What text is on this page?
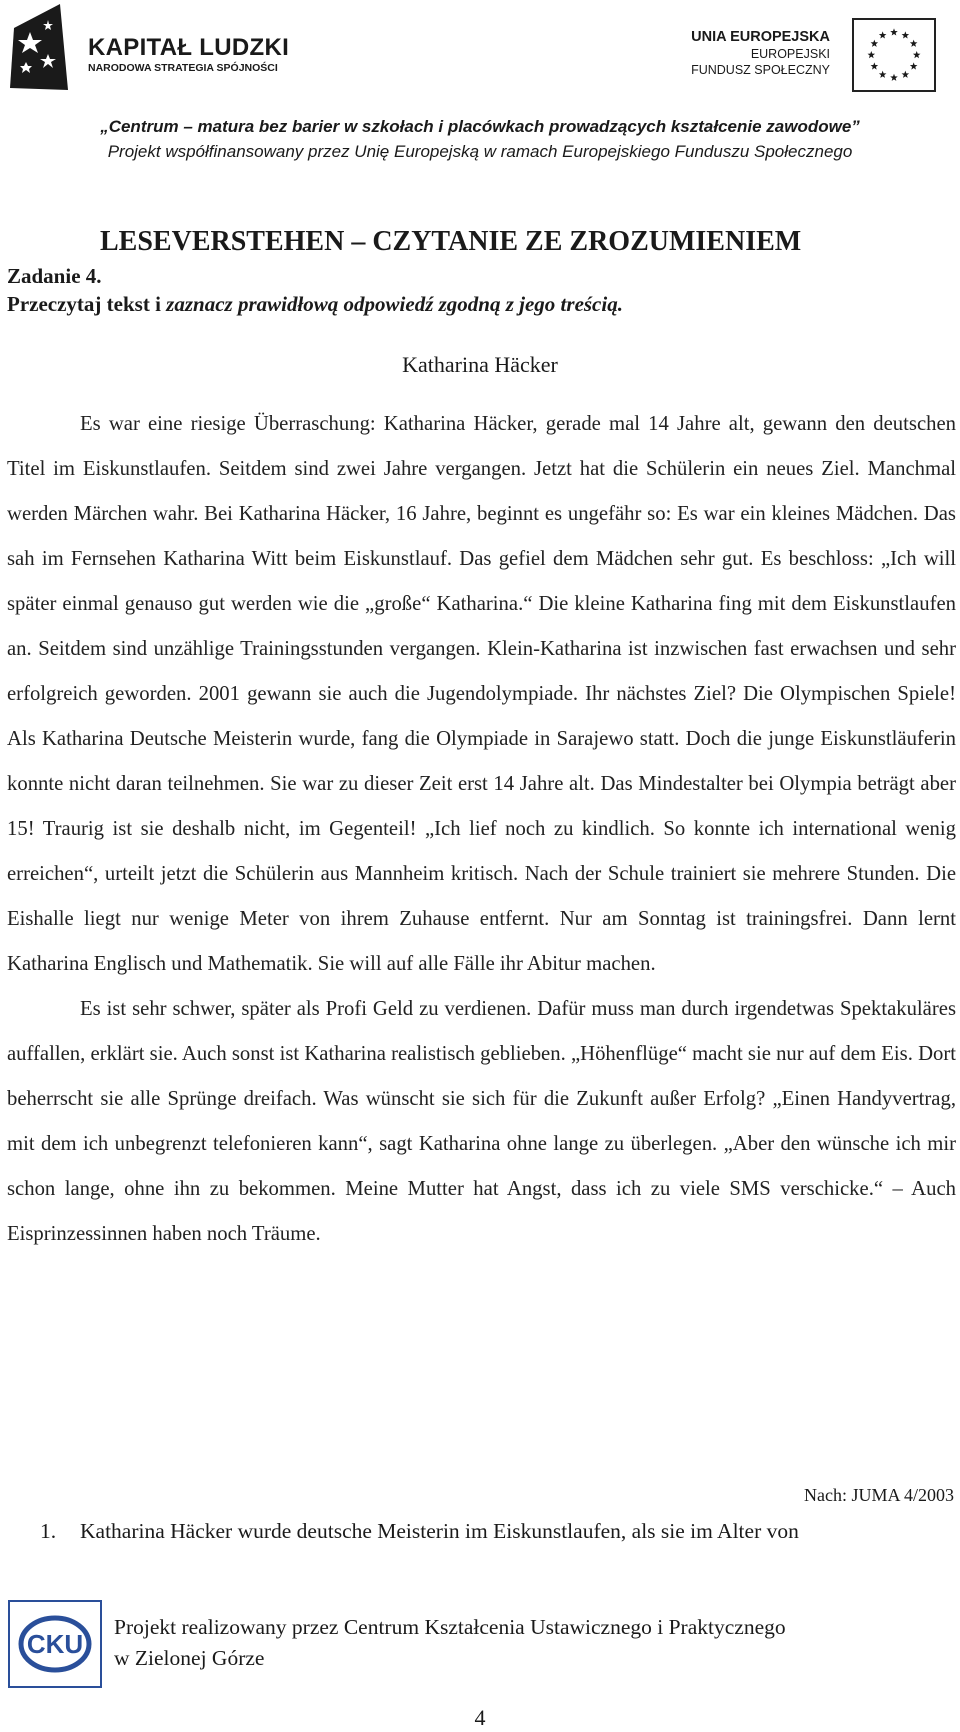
KAPITAŁ LUDZKI
NARODOWA STRATEGIA SPÓJNOŚCI
UNIA EUROPEJSKA
EUROPEJSKI
FUNDUSZ SPOŁECZNY
„Centrum – matura bez barier w szkołach i placówkach prowadzących kształcenie zawodowe”
Projekt współfinansowany przez Unię Europejską w ramach Europejskiego Funduszu Społecznego
LESEVERSTEHEN – CZYTANIE ZE ZROZUMIENIEM
Zadanie 4.
Przeczytaj tekst i zaznacz prawidłową odpowiedź zgodną z jego treścią.
Katharina Häcker

Es war eine riesige Überraschung: Katharina Häcker, gerade mal 14 Jahre alt, gewann den deutschen Titel im Eiskunstlaufen. Seitdem sind zwei Jahre vergangen. Jetzt hat die Schülerin ein neues Ziel. Manchmal werden Märchen wahr. Bei Katharina Häcker, 16 Jahre, beginnt es ungefähr so: Es war ein kleines Mädchen. Das sah im Fernsehen Katharina Witt beim Eiskunstlauf. Das gefiel dem Mädchen sehr gut. Es beschloss: „Ich will später einmal genauso gut werden wie die „große“ Katharina.“ Die kleine Katharina fing mit dem Eiskunstlaufen an. Seitdem sind unzählige Trainingsstunden vergangen. Klein-Katharina ist inzwischen fast erwachsen und sehr erfolgreich geworden. 2001 gewann sie auch die Jugendolympiade. Ihr nächstes Ziel? Die Olympischen Spiele! Als Katharina Deutsche Meisterin wurde, fang die Olympiade in Sarajewo statt. Doch die junge Eiskunstläuferin konnte nicht daran teilnehmen. Sie war zu dieser Zeit erst 14 Jahre alt. Das Mindestalter bei Olympia beträgt aber 15! Traurig ist sie deshalb nicht, im Gegenteil! „Ich lief noch zu kindlich. So konnte ich international wenig erreichen“, urteilt jetzt die Schülerin aus Mannheim kritisch. Nach der Schule trainiert sie mehrere Stunden. Die Eishalle liegt nur wenige Meter von ihrem Zuhause entfernt. Nur am Sonntag ist trainingsfrei. Dann lernt Katharina Englisch und Mathematik. Sie will auf alle Fälle ihr Abitur machen.

Es ist sehr schwer, später als Profi Geld zu verdienen. Dafür muss man durch irgendetwas Spektakuläres auffallen, erklärt sie. Auch sonst ist Katharina realistisch geblieben. „Höhenflüge“ macht sie nur auf dem Eis. Dort beherrscht sie alle Sprünge dreifach. Was wünscht sie sich für die Zukunft außer Erfolg? „Einen Handyvertrag, mit dem ich unbegrenzt telefonieren kann“, sagt Katharina ohne lange zu überlegen. „Aber den wünsche ich mir schon lange, ohne ihn zu bekommen. Meine Mutter hat Angst, dass ich zu viele SMS verschicke.“ – Auch Eisprinzessinnen haben noch Träume.

Nach: JUMA 4/2003
1. Katharina Häcker wurde deutsche Meisterin im Eiskunstlaufen, als sie im Alter von
CKU
Projekt realizowany przez Centrum Kształcenia Ustawicznego i Praktycznego
w Zielonej Górze
4
